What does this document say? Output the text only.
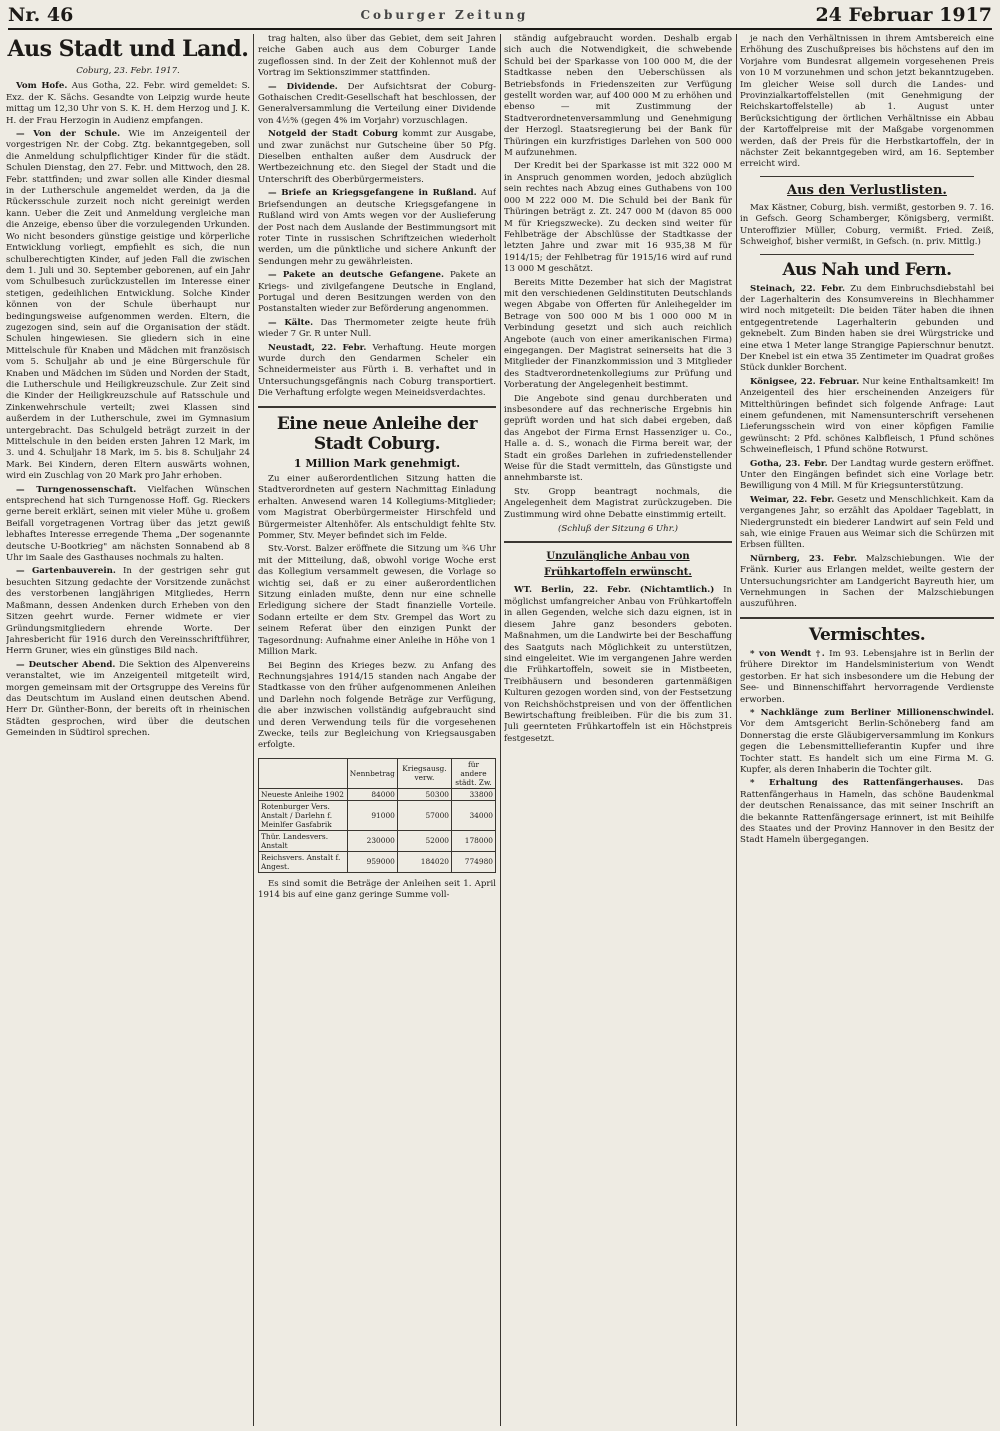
Nr. 46	Coburger Zeitung	24 Februar 1917
Aus Stadt und Land.
Coburg, 23. Febr. 1917.

Vom Hofe. Aus Gotha, 22. Febr. wird gemeldet: S. Exz. der K. Sächs. Gesandte von Leipzig wurde heute mittag um 12,30 Uhr von S. K. H. dem Herzog und J. K. H. der Frau Herzogin in Audienz empfangen.

— Von der Schule. Wie im Anzeigenteil der vorgestrigen Nr. der Cobg. Ztg. bekanntgegeben, soll die Anmeldung schulpflichtiger Kinder für die städt. Schulen Dienstag, den 27. Febr. und Mittwoch, den 28. Febr. stattfinden; und zwar sollen alle Kinder diesmal in der Lutherschule angemeldet werden, da ja die Rückersschule zurzeit noch nicht gereinigt werden kann. Ueber die Zeit und Anmeldung vergleiche man die Anzeige, ebenso über die vorzulegenden Urkunden. Wo nicht besonders günstige geistige und körperliche Entwicklung vorliegt, empfiehlt es sich, die nun schulberechtigten Kinder, auf jeden Fall die zwischen dem 1. Juli und 30. September geborenen, auf ein Jahr vom Schulbesuch zurückzustellen im Interesse einer stetigen, gedeihlichen Entwicklung. Solche Kinder können von der Schule überhaupt nur bedingungsweise aufgenommen werden. Eltern, die zugezogen sind, sein auf die Organisation der städt. Schulen hingewiesen. Sie gliedern sich in eine Mittelschule für Knaben und Mädchen mit französisch vom 5. Schuljahr ab und je eine Bürgerschule für Knaben und Mädchen im Süden und Norden der Stadt, die Lutherschule und Heiligkreuzschule. Zur Zeit sind die Kinder der Heiligkreuzschule auf Ratsschule und Zinkenwehrschule verteilt; zwei Klassen sind außerdem in der Lutherschule, zwei im Gymnasium untergebracht. Das Schulgeld beträgt zurzeit in der Mittelschule in den beiden ersten Jahren 12 Mark, im 3. und 4. Schuljahr 18 Mark, im 5. bis 8. Schuljahr 24 Mark. Bei Kindern, deren Eltern auswärts wohnen, wird ein Zuschlag von 20 Mark pro Jahr erhoben.

— Turngenossenschaft. Vielfachen Wünschen entsprechend hat sich Turngenosse Hoff. Gg. Rieckers gerne bereit erklärt, seinen mit vieler Mühe u. großem Beifall vorgetragenen Vortrag über das jetzt gewiß lebhaftes Interesse erregende Thema „Der sogenannte deutsche U-Bootkrieg" am nächsten Sonnabend ab 8 Uhr im Saale des Gasthauses nochmals zu halten.

— Gartenbauverein. In der gestrigen sehr gut besuchten Sitzung gedachte der Vorsitzende zunächst des verstorbenen langjährigen Mitgliedes, Herrn Maßmann, dessen Andenken durch Erheben von den Sitzen geehrt wurde. Ferner widmete er vier Gründungsmitgliedern ehrende Worte. Der Jahresbericht für 1916 durch den Vereinsschriftführer, Herrn Gruner, wies ein günstiges Bild nach.

— Deutscher Abend. Die Sektion des Alpenvereins veranstaltet, wie im Anzeigenteil mitgeteilt wird, morgen gemeinsam mit der Ortsgruppe des Vereins für das Deutschtum im Ausland einen deutschen Abend. Herr Dr. Günther-Bonn, der bereits oft in rheinischen Städten gesprochen, wird über die deutschen Gemeinden in Südtirol sprechen.

trag halten, also über das Gebiet, dem seit Jahren reiche Gaben auch aus dem Coburger Lande zugeflossen sind. In der Zeit der Kohlennot muß der Vortrag im Sektionszimmer stattfinden.

— Dividende. Der Aufsichtsrat der Coburg-Gothaischen Credit-Gesellschaft hat beschlossen, der Generalversammlung die Verteilung einer Dividende von 4½% (gegen 4% im Vorjahr) vorzuschlagen.

Notgeld der Stadt Coburg kommt zur Ausgabe, und zwar zunächst nur Gutscheine über 50 Pfg. Dieselben enthalten außer dem Ausdruck der Wertbezeichnung etc. den Siegel der Stadt und die Unterschrift des Oberbürgermeisters.

— Briefe an Kriegsgefangene in Rußland. Auf Briefsendungen an deutsche Kriegsgefangene in Rußland wird von Amts wegen vor der Auslieferung der Post nach dem Auslande der Bestimmungsort mit roter Tinte in russischen Schriftzeichen wiederholt werden, um die pünktliche und sichere Ankunft der Sendungen mehr zu gewährleisten.

— Pakete an deutsche Gefangene. Pakete an Kriegs- und zivilgefangene Deutsche in England, Portugal und deren Besitzungen werden von den Postanstalten wieder zur Beförderung angenommen.

— Kälte. Das Thermometer zeigte heute früh wieder 7 Gr. R unter Null.

Neustadt, 22. Febr. Verhaftung. Heute morgen wurde durch den Gendarmen Scheler ein Schneidermeister aus Fürth i. B. verhaftet und in Untersuchungsgefängnis nach Coburg transportiert. Die Verhaftung erfolgte wegen Meineidsverdachtes.

Eine neue Anleihe der Stadt Coburg.
1 Million Mark genehmigt.

Zu einer außerordentlichen Sitzung hatten die Stadtverordneten auf gestern Nachmittag Einladung erhalten. Anwesend waren 14 Kollegiums-Mitglieder; vom Magistrat Oberbürgermeister Hirschfeld und Bürgermeister Altenhöfer. Als entschuldigt fehlte Stv. Pommer, Stv. Meyer befindet sich im Felde.

Stv.-Vorst. Balzer eröffnete die Sitzung um ¾6 Uhr mit der Mitteilung, daß, obwohl vorige Woche erst das Kollegium versammelt gewesen, die Vorlage so wichtig sei, daß er zu einer außerordentlichen Sitzung einladen mußte, denn nur eine schnelle Erledigung sichere der Stadt finanzielle Vorteile. Sodann erteilte er dem Stv. Grempel das Wort zu seinem Referat über den einzigen Punkt der Tagesordnung: Aufnahme einer Anleihe in Höhe von 1 Million Mark.

Bei Beginn des Krieges bezw. zu Anfang des Rechnungsjahres 1914/15 standen nach Angabe der Stadtkasse von den früher aufgenommenen Anleihen und Darlehn noch folgende Beträge zur Verfügung, die aber inzwischen vollständig aufgebraucht sind und deren Verwendung teils für die vorgesehenen Zwecke, teils zur Begleichung von Kriegsausgaben erfolgte.

	Nennbetrag	Kriegsausg. verw.	für andere städt. Zw.
Neueste Anleihe 1902	84000	50300	33800
Rotenburger Vers. Anstalt / Darlehn f. Meinlfer Gasfabrik	91000	57000	34000
Thür. Landesvers. Anstalt	230000	52000	178000
Reichsvers. Anstalt f. Angest.	959000	184020	774980

Es sind somit die Beträge der Anleihen seit 1. April 1914 bis auf eine ganz geringe Summe voll-

ständig aufgebraucht worden. Deshalb ergab sich auch die Notwendigkeit, die schwebende Schuld bei der Sparkasse von 100 000 M, die der Stadtkasse neben den Ueberschüssen als Betriebsfonds in Friedenszeiten zur Verfügung gestellt worden war, auf 400 000 M zu erhöhen und ebenso — mit Zustimmung der Stadtverordnetenversammlung und Genehmigung der Herzogl. Staatsregierung bei der Bank für Thüringen ein kurzfristiges Darlehen von 500 000 M aufzunehmen.

Der Kredit bei der Sparkasse ist mit 322 000 M in Anspruch genommen worden, jedoch abzüglich sein rechtes nach Abzug eines Guthabens von 100 000 M 222 000 M. Die Schuld bei der Bank für Thüringen beträgt z. Zt. 247 000 M (davon 85 000 M für Kriegszwecke). Zu decken sind weiter für Fehlbeträge der Abschlüsse der Stadtkasse der letzten Jahre und zwar mit 16 935,38 M für 1914/15; der Fehlbetrag für 1915/16 wird auf rund 13 000 M geschätzt.

Bereits Mitte Dezember hat sich der Magistrat mit den verschiedenen Geldinstituten Deutschlands wegen Abgabe von Offerten für Anleihegelder im Betrage von 500 000 M bis 1 000 000 M in Verbindung gesetzt und sich auch reichlich Angebote (auch von einer amerikanischen Firma) eingegangen. Der Magistrat seinerseits hat die 3 Mitglieder der Finanzkommission und 3 Mitglieder des Stadtverordnetenkollegiums zur Prüfung und Vorberatung der Angelegenheit bestimmt.

Die Angebote sind genau durchberaten und insbesondere auf das rechnerische Ergebnis hin geprüft worden und hat sich dabei ergeben, daß das Angebot der Firma Ernst Hassenziger u. Co., Halle a. d. S., wonach die Firma bereit war, der Stadt ein großes Darlehen in zufriedenstellender Weise für die Stadt vermitteln, das Günstigste und annehmbarste ist.

Stv. Gropp beantragt nochmals, die Angelegenheit dem Magistrat zurückzugeben. Die Zustimmung wird ohne Debatte einstimmig erteilt.

(Schluß der Sitzung 6 Uhr.)
Unzulängliche Anbau von Frühkartoffeln erwünscht.

WT. Berlin, 22. Febr. (Nichtamtlich.) In möglichst umfangreicher Anbau von Frühkartoffeln in allen Gegenden, welche sich dazu eignen, ist in diesem Jahre ganz besonders geboten. Maßnahmen, um die Landwirte bei der Beschaffung des Saatguts nach Möglichkeit zu unterstützen, sind eingeleitet. Wie im vergangenen Jahre werden die Frühkartoffeln, soweit sie in Mistbeeten, Treibhäusern und besonderen gartenmäßigen Kulturen gezogen worden sind, von der Festsetzung von Reichshöchstpreisen und von der öffentlichen Bewirtschaftung freibleiben. Für die bis zum 31. Juli geernteten Frühkartoffeln ist ein Höchstpreis festgesetzt.

je nach den Verhältnissen in ihrem Amtsbereich eine Erhöhung des Zuschußpreises bis höchstens auf den im Vorjahre vom Bundesrat allgemein vorgesehenen Preis von 10 M vorzunehmen und schon jetzt bekanntzugeben. Im gleicher Weise soll durch die Landes- und Provinzialkartoffelstellen (mit Genehmigung der Reichskartoffelstelle) ab 1. August unter Berücksichtigung der örtlichen Verhältnisse ein Abbau der Kartoffelpreise mit der Maßgabe vorgenommen werden, daß der Preis für die Herbstkartoffeln, der in nächster Zeit bekanntgegeben wird, am 16. September erreicht wird.

Aus den Verlustlisten.

Max Kästner, Coburg, bish. vermißt, gestorben 9. 7. 16. in Gefsch. Georg Schamberger, Königsberg, vermißt. Unteroffizier Müller, Coburg, vermißt. Fried. Zeiß, Schweighof, bisher vermißt, in Gefsch. (n. priv. Mittlg.)

Aus Nah und Fern.

Steinach, 22. Febr. Zu dem Einbruchsdiebstahl bei der Lagerhalterin des Konsumvereins in Blechhammer wird noch mitgeteilt: Die beiden Täter haben die ihnen entgegentretende Lagerhalterin gebunden und geknebelt. Zum Binden haben sie drei Würgstricke und eine etwa 1 Meter lange Strangige Papierschnur benutzt. Der Knebel ist ein etwa 35 Zentimeter im Quadrat großes Stück dunkler Borchent.

Königsee, 22. Februar. Nur keine Enthaltsamkeit! Im Anzeigenteil des hier erscheinenden Anzeigers für Mittelthüringen befindet sich folgende Anfrage: Laut einem gefundenen, mit Namensunterschrift versehenen Lieferungsschein wird von einer köpfigen Familie gewünscht: 2 Pfd. schönes Kalbfleisch, 1 Pfund schönes Schweinefleisch, 1 Pfund schöne Rotwurst.

Gotha, 23. Febr. Der Landtag wurde gestern eröffnet. Unter den Eingängen befindet sich eine Vorlage betr. Bewilligung von 4 Mill. M für Kriegsunterstützung.

Weimar, 22. Febr. Gesetz und Menschlichkeit. Kam da vergangenes Jahr, so erzählt das Apoldaer Tageblatt, in Niedergrunstedt ein biederer Landwirt auf sein Feld und sah, wie einige Frauen aus Weimar sich die Schürzen mit Erbsen füllten.

Nürnberg, 23. Febr. Malzschiebungen. Wie der Fränk. Kurier aus Erlangen meldet, weilte gestern der Untersuchungsrichter am Landgericht Bayreuth hier, um Vernehmungen in Sachen der Malzschiebungen auszuführen.

Vermischtes.

* von Wendt †. Im 93. Lebensjahre ist in Berlin der frühere Direktor im Handelsministerium von Wendt gestorben. Er hat sich insbesondere um die Hebung der See- und Binnenschiffahrt hervorragende Verdienste erworben.

* Nachklänge zum Berliner Millionenschwindel. Vor dem Amtsgericht Berlin-Schöneberg fand am Donnerstag die erste Gläubigerversammlung im Konkurs gegen die Lebensmittellieferantin Kupfer und ihre Tochter statt. Es handelt sich um eine Firma M. G. Kupfer, als deren Inhaberin die Tochter gilt.

* Erhaltung des Rattenfängerhauses. Das Rattenfängerhaus in Hameln, das schöne Baudenkmal der deutschen Renaissance, das mit seiner Inschrift an die bekannte Rattenfängersage erinnert, ist mit Beihilfe des Staates und der Provinz Hannover in den Besitz der Stadt Hameln übergegangen.
